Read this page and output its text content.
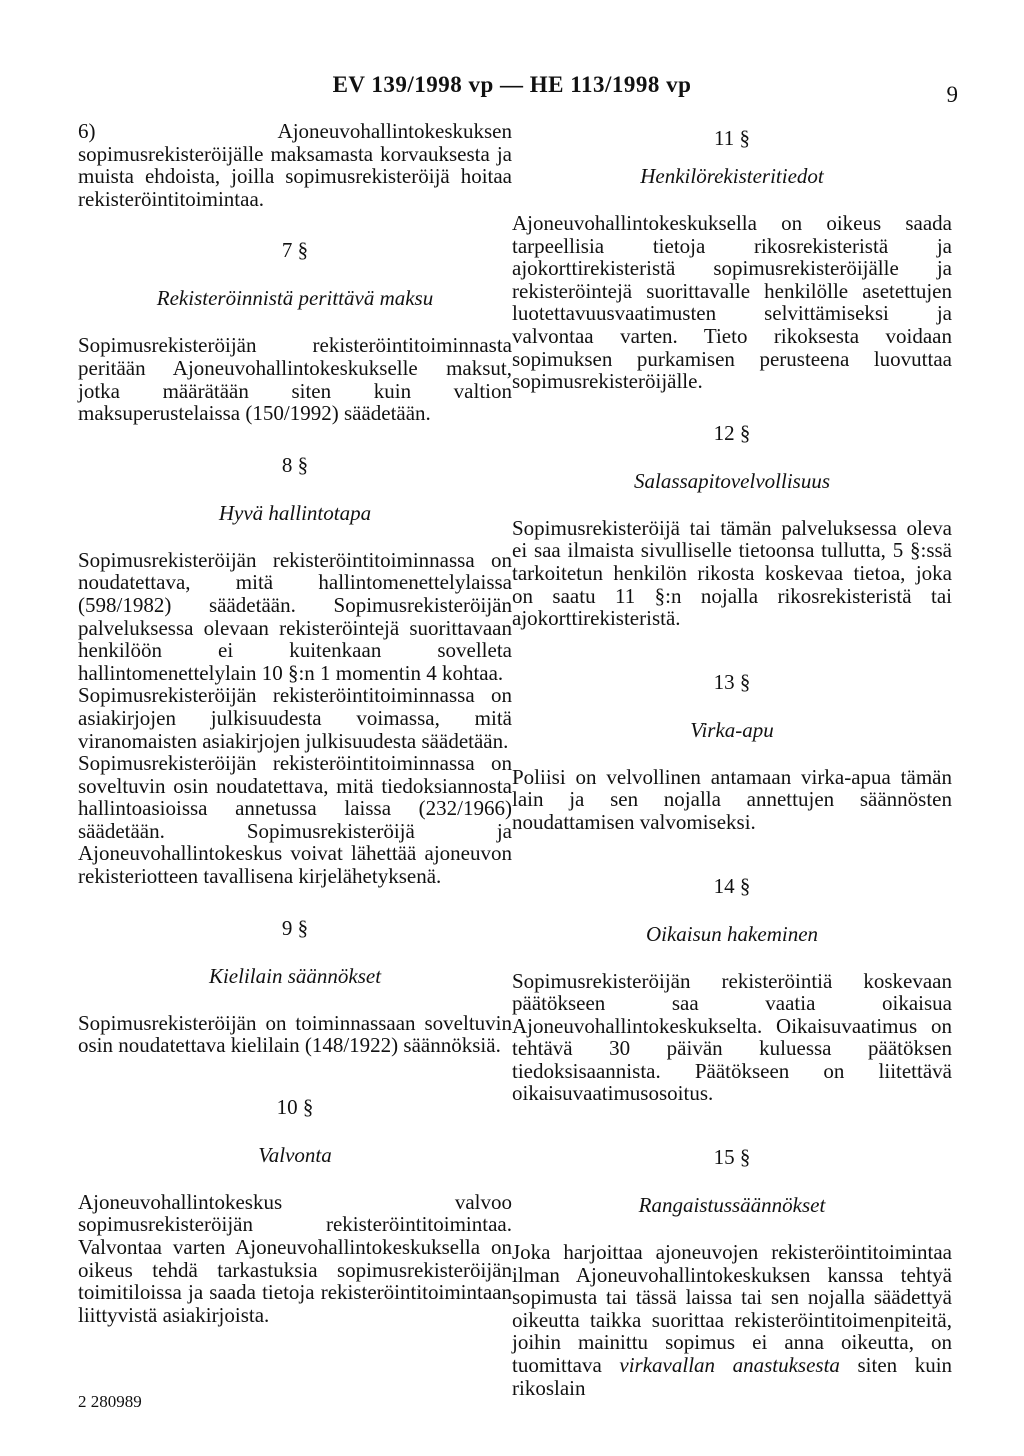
EV 139/1998 vp — HE 113/1998 vp	9

6) Ajoneuvohallintokeskuksen sopimusrekisteröijälle maksamasta korvauksesta ja muista ehdoista, joilla sopimusrekisteröijä hoitaa rekisteröintitoimintaa.

7 §
Rekisteröinnistä perittävä maksu

Sopimusrekisteröijän rekisteröintitoiminnasta peritään Ajoneuvohallintokeskukselle maksut, jotka määrätään siten kuin valtion maksuperustelaissa (150/1992) säädetään.

8 §
Hyvä hallintotapa

Sopimusrekisteröijän rekisteröintitoiminnassa on noudatettava, mitä hallintomenettelylaissa (598/1982) säädetään. Sopimusrekisteröijän palveluksessa olevaan rekisteröintejä suorittavaan henkilöön ei kuitenkaan sovelleta hallintomenettelylain 10 §:n 1 momentin 4 kohtaa.

Sopimusrekisteröijän rekisteröintitoiminnassa on asiakirjojen julkisuudesta voimassa, mitä viranomaisten asiakirjojen julkisuudesta säädetään.

Sopimusrekisteröijän rekisteröintitoiminnassa on soveltuvin osin noudatettava, mitä tiedoksiannosta hallintoasioissa annetussa laissa (232/1966) säädetään. Sopimusrekisteröijä ja Ajoneuvohallintokeskus voivat lähettää ajoneuvon rekisteriotteen tavallisena kirjelähetyksenä.

9 §
Kielilain säännökset

Sopimusrekisteröijän on toiminnassaan soveltuvin osin noudatettava kielilain (148/1922) säännöksiä.

10 §
Valvonta

Ajoneuvohallintokeskus valvoo sopimusrekisteröijän rekisteröintitoimintaa. Valvontaa varten Ajoneuvohallintokeskuksella on oikeus tehdä tarkastuksia sopimusrekisteröijän toimitiloissa ja saada tietoja rekisteröintitoimintaan liittyvistä asiakirjoista.

11 §
Henkilörekisteritiedot

Ajoneuvohallintokeskuksella on oikeus saada tarpeellisia tietoja rikosrekisteristä ja ajokorttirekisteristä sopimusrekisteröijälle ja rekisteröintejä suorittavalle henkilölle asetettujen luotettavuusvaatimusten selvittämiseksi ja valvontaa varten. Tieto rikoksesta voidaan sopimuksen purkamisen perusteena luovuttaa sopimusrekisteröijälle.

12 §
Salassapitovelvollisuus

Sopimusrekisteröijä tai tämän palveluksessa oleva ei saa ilmaista sivulliselle tietoonsa tullutta, 5 §:ssä tarkoitetun henkilön rikosta koskevaa tietoa, joka on saatu 11 §:n nojalla rikosrekisteristä tai ajokorttirekisteristä.

13 §
Virka-apu

Poliisi on velvollinen antamaan virka-apua tämän lain ja sen nojalla annettujen säännösten noudattamisen valvomiseksi.

14 §
Oikaisun hakeminen

Sopimusrekisteröijän rekisteröintiä koskevaan päätökseen saa vaatia oikaisua Ajoneuvohallintokeskukselta. Oikaisuvaatimus on tehtävä 30 päivän kuluessa päätöksen tiedoksisaannista. Päätökseen on liitettävä oikaisuvaatimusosoitus.

15 §
Rangaistussäännökset

Joka harjoittaa ajoneuvojen rekisteröintitoimintaa ilman Ajoneuvohallintokeskuksen kanssa tehtyä sopimusta tai tässä laissa tai sen nojalla säädettyä oikeutta taikka suorittaa rekisteröintitoimenpiteitä, joihin mainittu sopimus ei anna oikeutta, on tuomittava virkavallan anastuksesta siten kuin rikoslain

2 280989
